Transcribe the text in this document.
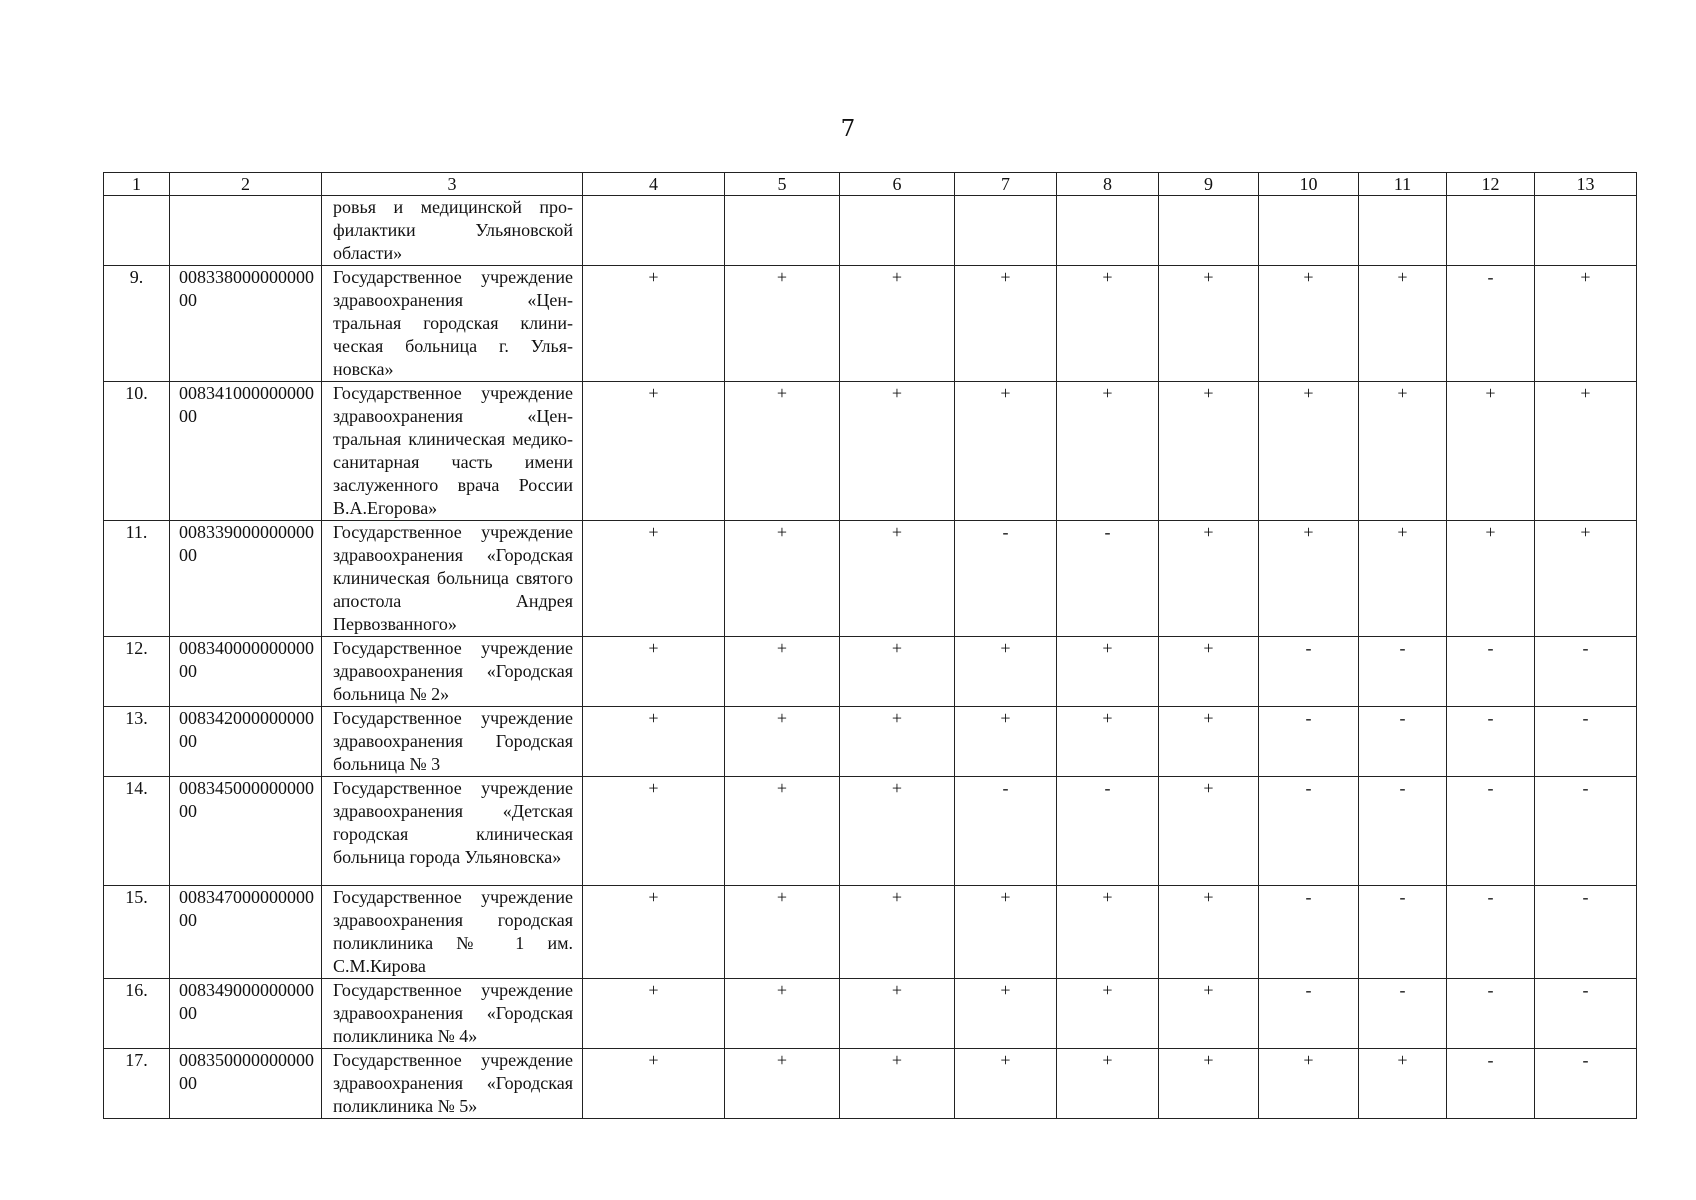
7
1	2	3	4	5	6	7	8	9	10	11	12	13
		ровья и медицинской профилактики Ульяновской области»										
9.	00833800000000000	Государственное учреждение здравоохранения «Центральная городская клиническая больница г. Ульяновска»	+	+	+	+	+	+	+	+	-	+
10.	00834100000000000	Государственное учреждение здравоохранения «Центральная клиническая медико-санитарная часть имени заслуженного врача России В.А.Егорова»	+	+	+	+	+	+	+	+	+	+
11.	00833900000000000	Государственное учреждение здравоохранения «Городская клиническая больница святого апостола Андрея Первозванного»	+	+	+	-	-	+	+	+	+	+
12.	00834000000000000	Государственное учреждение здравоохранения «Городская больница № 2»	+	+	+	+	+	+	-	-	-	-
13.	00834200000000000	Государственное учреждение здравоохранения Городская больница № 3	+	+	+	+	+	+	-	-	-	-
14.	00834500000000000	Государственное учреждение здравоохранения «Детская городская клиническая больница города Ульяновска»	+	+	+	-	-	+	-	-	-	-
15.	00834700000000000	Государственное учреждение здравоохранения городская поликлиника № 1 им. С.М.Кирова	+	+	+	+	+	+	-	-	-	-
16.	00834900000000000	Государственное учреждение здравоохранения «Городская поликлиника № 4»	+	+	+	+	+	+	-	-	-	-
17.	00835000000000000	Государственное учреждение здравоохранения «Городская поликлиника № 5»	+	+	+	+	+	+	+	+	-	-
